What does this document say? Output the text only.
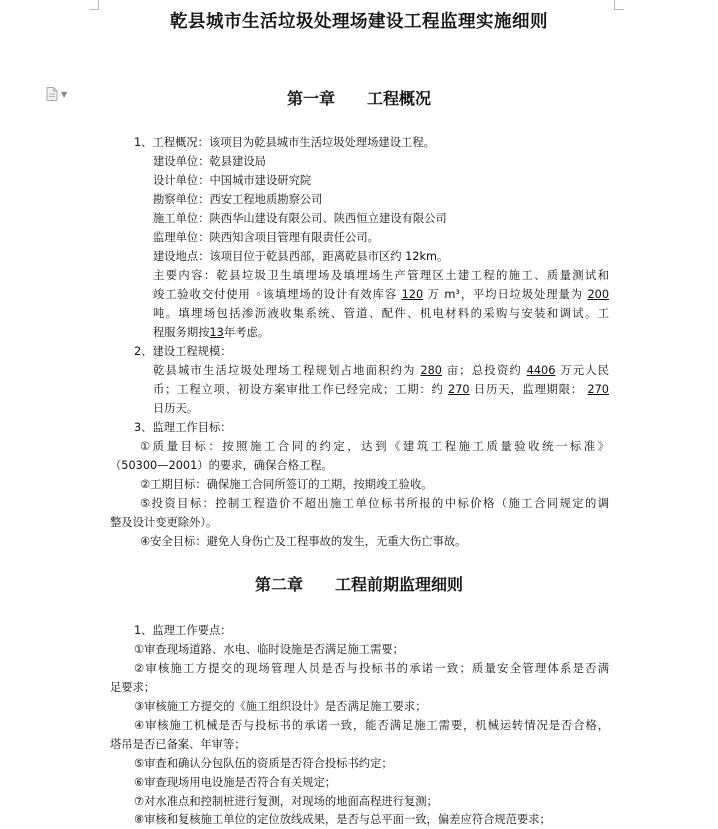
乾县城市生活垃圾处理场建设工程监理实施细则
▼	第一章　　工程概况
1、工程概况：该项目为乾县城市生活垃圾处理场建设工程。
建设单位：乾县建设局
设计单位：中国城市建设研究院
勘察单位：西安工程地质勘察公司
施工单位：陕西华山建设有限公司、陕西恒立建设有限公司
监理单位：陕西知含项目管理有限责任公司。
建设地点：该项目位于乾县西部，距离乾县市区约 12km。
主要内容：乾县垃圾卫生填埋场及填埋场生产管理区土建工程的施工、质量测试和
竣工验收交付使用 ◦该填埋场的设计有效库容 120 万 m³，平均日垃圾处理量为 200
吨。填埋场包括渗沥液收集系统、管道、配件、机电材料的采购与安装和调试。工
程服务期按13年考虑。
2、建设工程规模：
乾县城市生活垃圾处理场工程规划占地面积约为 280 亩；总投资约 4406 万元人民
币；工程立项、初设方案审批工作已经完成；工期：约 270 日历天，监理期限： 270
日历天。
3、监理工作目标：
①质量目标：按照施工合同的约定，达到《建筑工程施工质量验收统一标准》
（50300—2001）的要求，确保合格工程。
②工期目标：确保施工合同所签订的工期，按期竣工验收。
⑤投资目标：控制工程造价不超出施工单位标书所报的中标价格（施工合同规定的调
整及设计变更除外）。
④安全目标：避免人身伤亡及工程事故的发生，无重大伤亡事故。
第二章　　工程前期监理细则
1、监理工作要点：
①审查现场道路、水电、临时设施是否满足施工需要；
②审核施工方提交的现场管理人员是否与投标书的承诺一致；质量安全管理体系是否满
足要求；
③审核施工方提交的《施工组织设计》是否满足施工要求；
④审核施工机械是否与投标书的承诺一致，能否满足施工需要，机械运转情况是否合格，
塔吊是否已备案、年审等；
⑤审查和确认分包队伍的资质是否符合投标书约定；
⑥审查现场用电设施是否符合有关规定；
⑦对水准点和控制桩进行复测，对现场的地面高程进行复测；
⑧审核和复核施工单位的定位放线成果，是否与总平面一致，偏差应符合规范要求；
